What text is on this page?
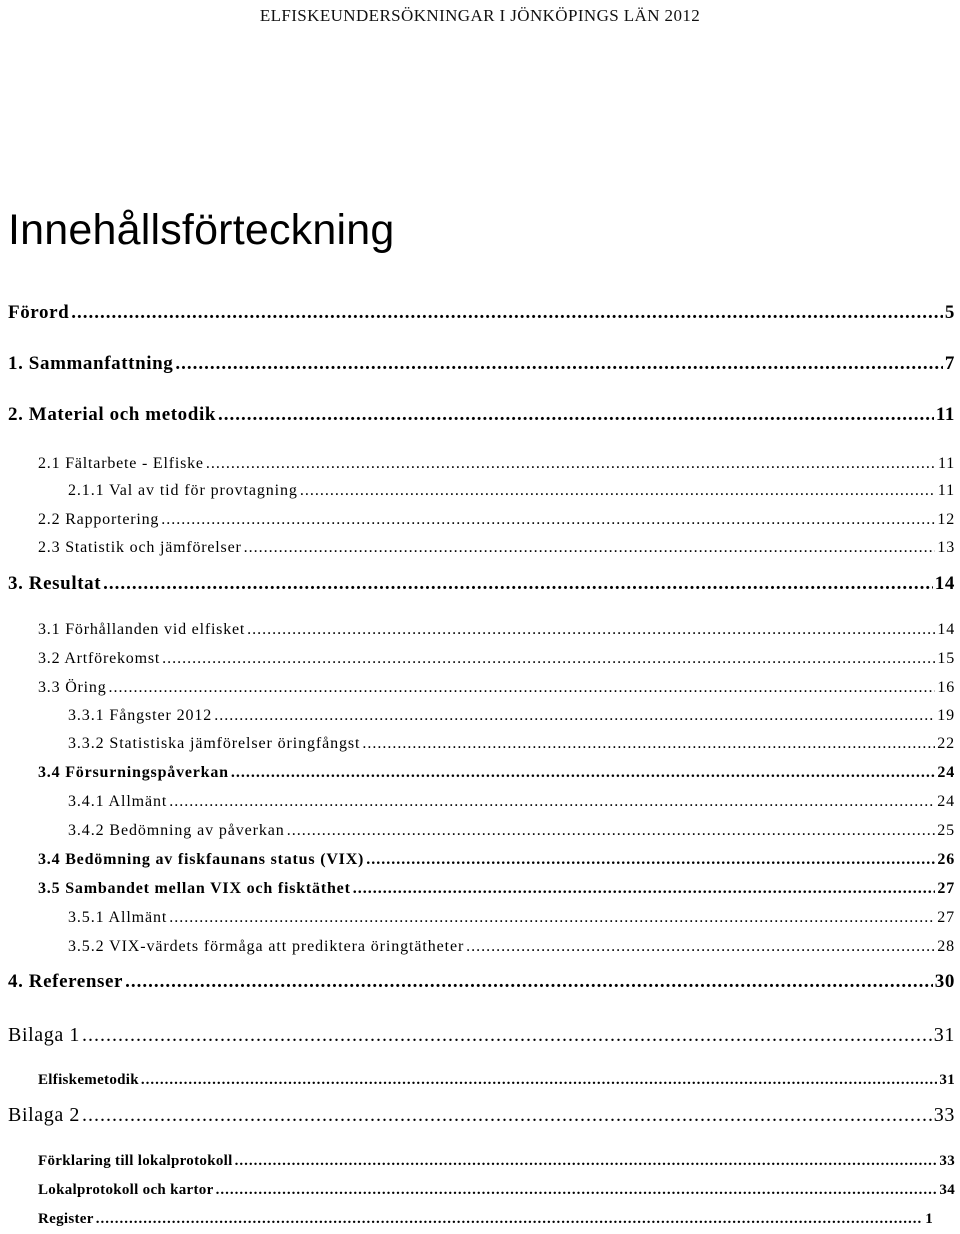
ELFISKEUNDERSÖKNINGAR I JÖNKÖPINGS LÄN 2012
Innehållsförteckning
Förord .....	5
1. Sammanfattning .....	7
2. Material och metodik .....	11
2.1 Fältarbete - Elfiske .....	11
2.1.1 Val av tid för provtagning .....	11
2.2 Rapportering .....	12
2.3 Statistik och jämförelser .....	13
3. Resultat .....	14
3.1 Förhållanden vid elfisket .....	14
3.2 Artförekomst .....	15
3.3 Öring .....	16
3.3.1 Fångster 2012 .....	19
3.3.2 Statistiska jämförelser öringfångst .....	22
3.4 Försurningspåverkan .....	24
3.4.1 Allmänt .....	24
3.4.2 Bedömning av påverkan .....	25
3.4 Bedömning av fiskfaunans status (VIX) .....	26
3.5 Sambandet mellan VIX och fisktäthet .....	27
3.5.1 Allmänt .....	27
3.5.2 VIX-värdets förmåga att prediktera öringtätheter .....	28
4. Referenser .....	30
Bilaga 1 .....	31
Elfiskemetodik .....	31
Bilaga 2 .....	33
Förklaring till lokalprotokoll .....	33
Lokalprotokoll och kartor .....	34
Register .....	1
